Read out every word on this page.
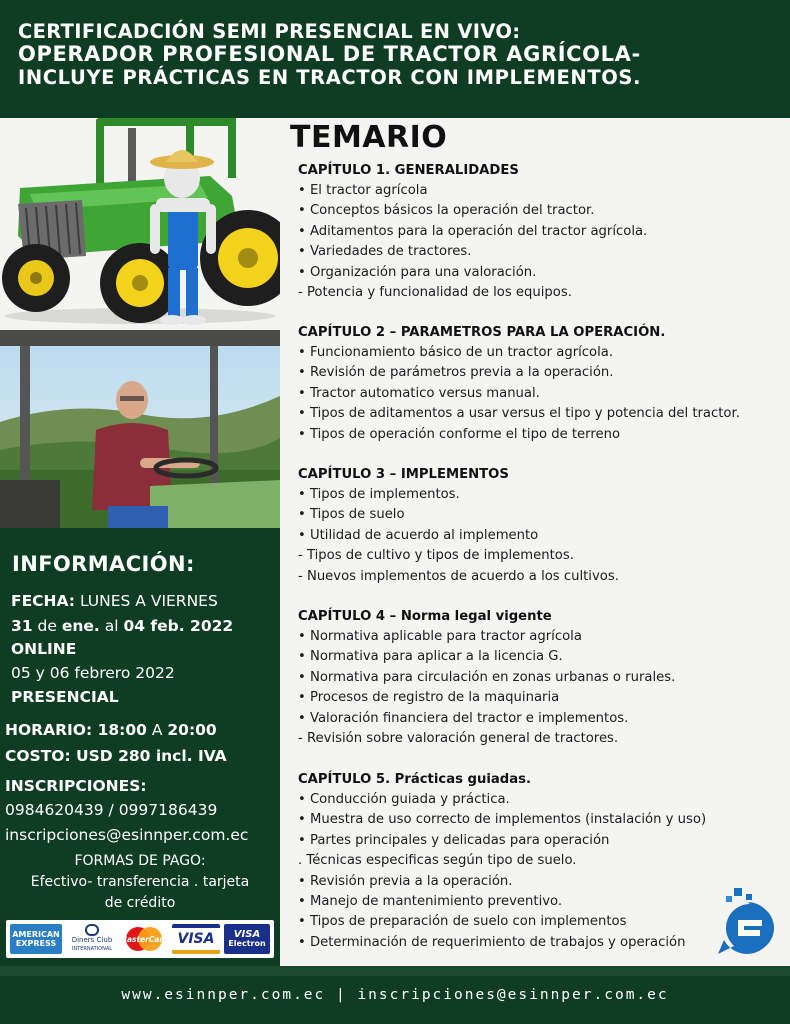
CERTIFICADCIÓN SEMI PRESENCIAL EN VIVO:
OPERADOR PROFESIONAL DE TRACTOR AGRÍCOLA-
INCLUYE PRÁCTICAS EN TRACTOR CON IMPLEMENTOS.
INFORMACIÓN:
FECHA: LUNES A VIERNES
31 de ene. al 04 feb. 2022
ONLINE
05 y 06 febrero 2022
PRESENCIAL
HORARIO: 18:00 A 20:00
COSTO: USD 280 incl. IVA
INSCRIPCIONES:
0984620439 / 0997186439
inscripciones@esinnper.com.ec
FORMAS DE PAGO:
Efectivo- transferencia . tarjeta
de crédito
AMERICAN
EXPRESS Diners Club
INTERNATIONAL
MasterCard VISA	VISA
Electron
TEMARIO
CAPÍTULO 1. GENERALIDADES
• El tractor agrícola
• Conceptos básicos la operación del tractor.
• Aditamentos para la operación del tractor agrícola.
• Variedades de tractores.
• Organización para una valoración.
- Potencia y funcionalidad de los equipos.
CAPÍTULO 2 – PARAMETROS PARA LA OPERACIÓN.
• Funcionamiento básico de un tractor agrícola.
• Revisión de parámetros previa a la operación.
• Tractor automatico versus manual.
• Tipos de aditamentos a usar versus el tipo y potencia del tractor.
• Tipos de operación conforme el tipo de terreno
CAPÍTULO 3 – IMPLEMENTOS
• Tipos de implementos.
• Tipos de suelo
• Utilidad de acuerdo al implemento
- Tipos de cultivo y tipos de implementos.
- Nuevos implementos de acuerdo a los cultivos.
CAPÍTULO 4 – Norma legal vigente
• Normativa aplicable para tractor agrícola
• Normativa para aplicar a la licencia G.
• Normativa para circulación en zonas urbanas o rurales.
• Procesos de registro de la maquinaria
• Valoración financiera del tractor e implementos.
- Revisión sobre valoración general de tractores.
CAPÍTULO 5. Prácticas guiadas.
• Conducción guiada y práctica.
• Muestra de uso correcto de implementos (instalación y uso)
• Partes principales y delicadas para operación
. Técnicas especificas según tipo de suelo.
• Revisión previa a la operación.
• Manejo de mantenimiento preventivo.
• Tipos de preparación de suelo con implementos
• Determinación de requerimiento de trabajos y operación
www.esinnper.com.ec | inscripciones@esinnper.com.ec
